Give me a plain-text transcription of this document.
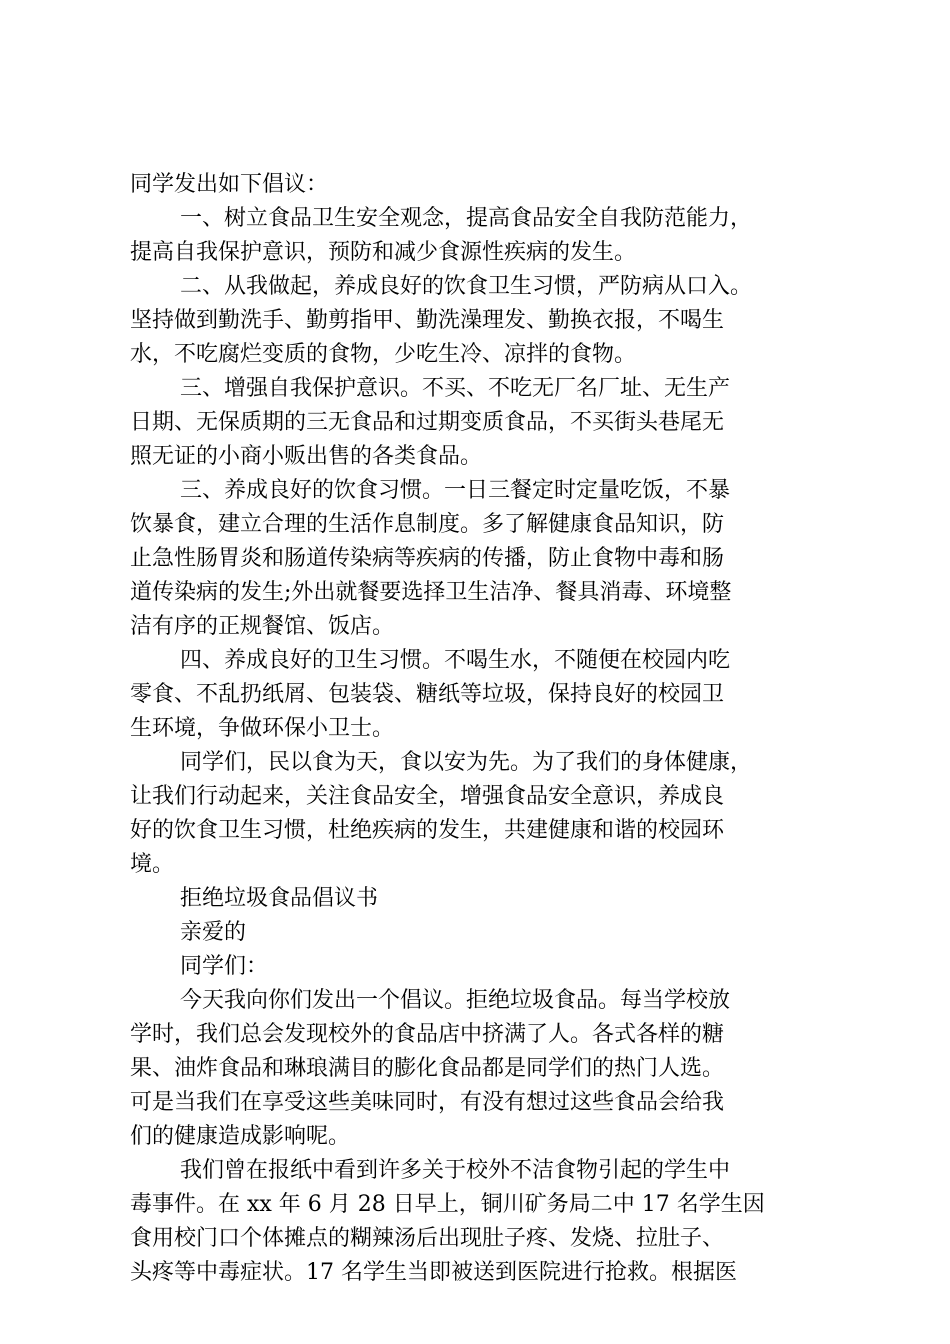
同学发出如下倡议：
一、树立食品卫生安全观念，提高食品安全自我防范能力，
提高自我保护意识，预防和减少食源性疾病的发生。
二、从我做起，养成良好的饮食卫生习惯，严防病从口入。
坚持做到勤洗手、勤剪指甲、勤洗澡理发、勤换衣报，不喝生
水，不吃腐烂变质的食物，少吃生冷、凉拌的食物。
三、增强自我保护意识。不买、不吃无厂名厂址、无生产
日期、无保质期的三无食品和过期变质食品，不买街头巷尾无
照无证的小商小贩出售的各类食品。
三、养成良好的饮食习惯。一日三餐定时定量吃饭，不暴
饮暴食，建立合理的生活作息制度。多了解健康食品知识，防
止急性肠胃炎和肠道传染病等疾病的传播，防止食物中毒和肠
道传染病的发生;外出就餐要选择卫生洁净、餐具消毒、环境整
洁有序的正规餐馆、饭店。
四、养成良好的卫生习惯。不喝生水，不随便在校园内吃
零食、不乱扔纸屑、包装袋、糖纸等垃圾，保持良好的校园卫
生环境，争做环保小卫士。
同学们，民以食为天，食以安为先。为了我们的身体健康，
让我们行动起来，关注食品安全，增强食品安全意识，养成良
好的饮食卫生习惯，杜绝疾病的发生，共建健康和谐的校园环
境。
拒绝垃圾食品倡议书
亲爱的
同学们：
今天我向你们发出一个倡议。拒绝垃圾食品。每当学校放
学时，我们总会发现校外的食品店中挤满了人。各式各样的糖
果、油炸食品和琳琅满目的膨化食品都是同学们的热门人选。
可是当我们在享受这些美味同时，有没有想过这些食品会给我
们的健康造成影响呢。
我们曾在报纸中看到许多关于校外不洁食物引起的学生中
毒事件。在 xx 年 6 月 28 日早上，铜川矿务局二中 17 名学生因
食用校门口个体摊点的糊辣汤后出现肚子疼、发烧、拉肚子、
头疼等中毒症状。17 名学生当即被送到医院进行抢救。根据医
